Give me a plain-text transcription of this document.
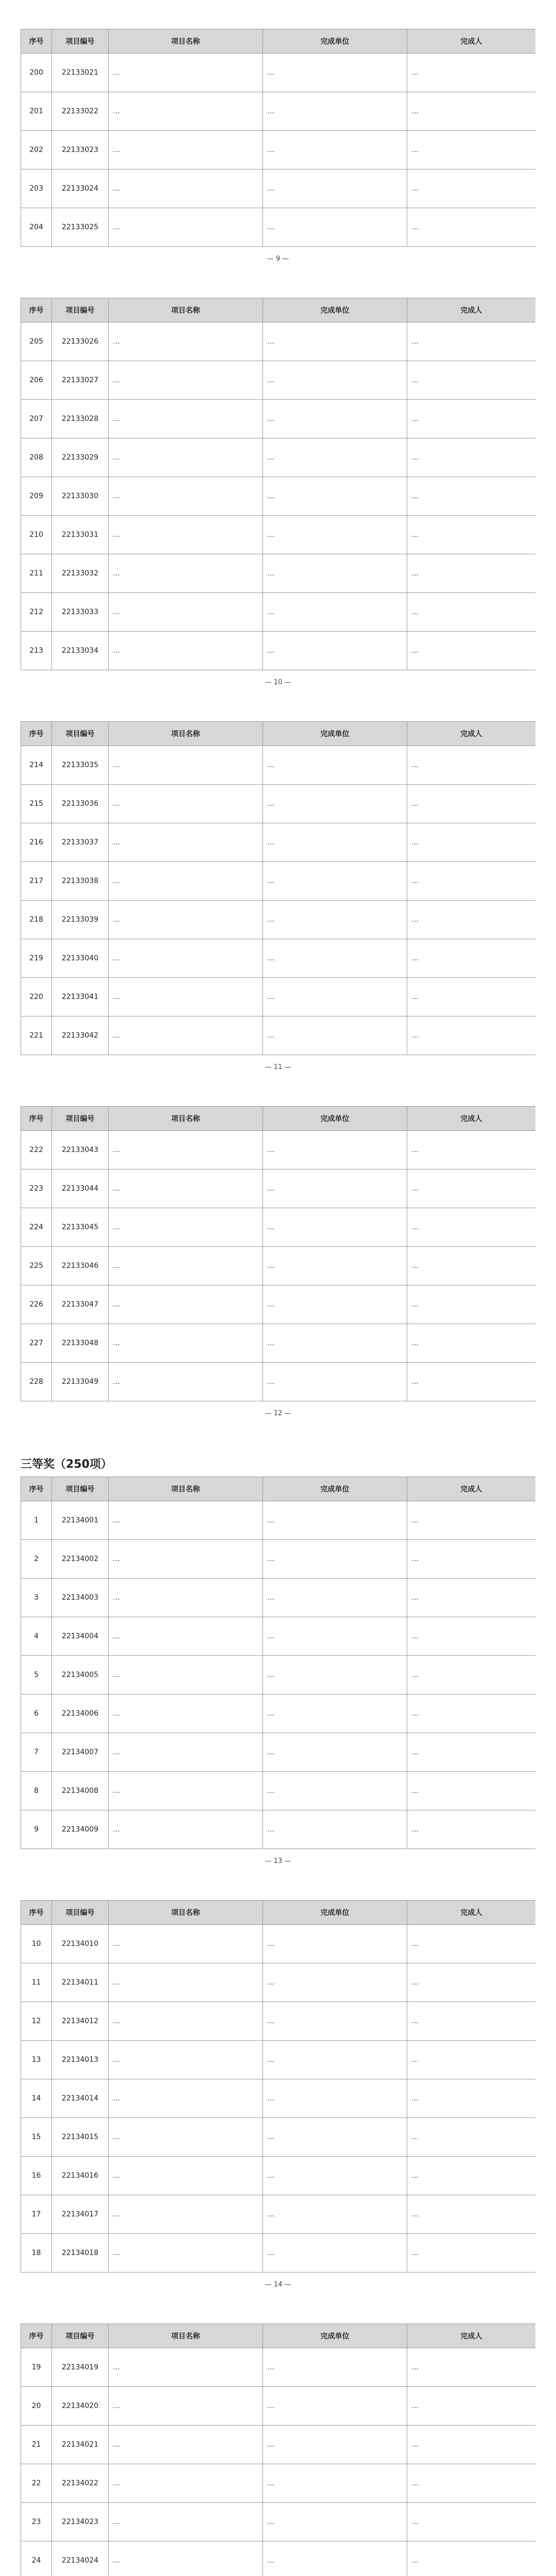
序号	项目编号	项目名称	完成单位	完成人
200	22133021	…	…	…
201	22133022	…	…	…
202	22133023	…	…	…
203	22133024	…	…	…
204	22133025	…	…	…
— 9 —
序号	项目编号	项目名称	完成单位	完成人
205	22133026	…	…	…
206	22133027	…	…	…
207	22133028	…	…	…
208	22133029	…	…	…
209	22133030	…	…	…
210	22133031	…	…	…
211	22133032	…	…	…
212	22133033	…	…	…
213	22133034	…	…	…
— 10 —
序号	项目编号	项目名称	完成单位	完成人
214	22133035	…	…	…
215	22133036	…	…	…
216	22133037	…	…	…
217	22133038	…	…	…
218	22133039	…	…	…
219	22133040	…	…	…
220	22133041	…	…	…
221	22133042	…	…	…
— 11 —
序号	项目编号	项目名称	完成单位	完成人
222	22133043	…	…	…
223	22133044	…	…	…
224	22133045	…	…	…
225	22133046	…	…	…
226	22133047	…	…	…
227	22133048	…	…	…
228	22133049	…	…	…
— 12 —
三等奖（250项）
序号	项目编号	项目名称	完成单位	完成人
1	22134001	…	…	…
2	22134002	…	…	…
3	22134003	…	…	…
4	22134004	…	…	…
5	22134005	…	…	…
6	22134006	…	…	…
7	22134007	…	…	…
8	22134008	…	…	…
9	22134009	…	…	…
— 13 —
序号	项目编号	项目名称	完成单位	完成人
10	22134010	…	…	…
11	22134011	…	…	…
12	22134012	…	…	…
13	22134013	…	…	…
14	22134014	…	…	…
15	22134015	…	…	…
16	22134016	…	…	…
17	22134017	…	…	…
18	22134018	…	…	…
— 14 —
序号	项目编号	项目名称	完成单位	完成人
19	22134019	…	…	…
20	22134020	…	…	…
21	22134021	…	…	…
22	22134022	…	…	…
23	22134023	…	…	…
24	22134024	…	…	…
